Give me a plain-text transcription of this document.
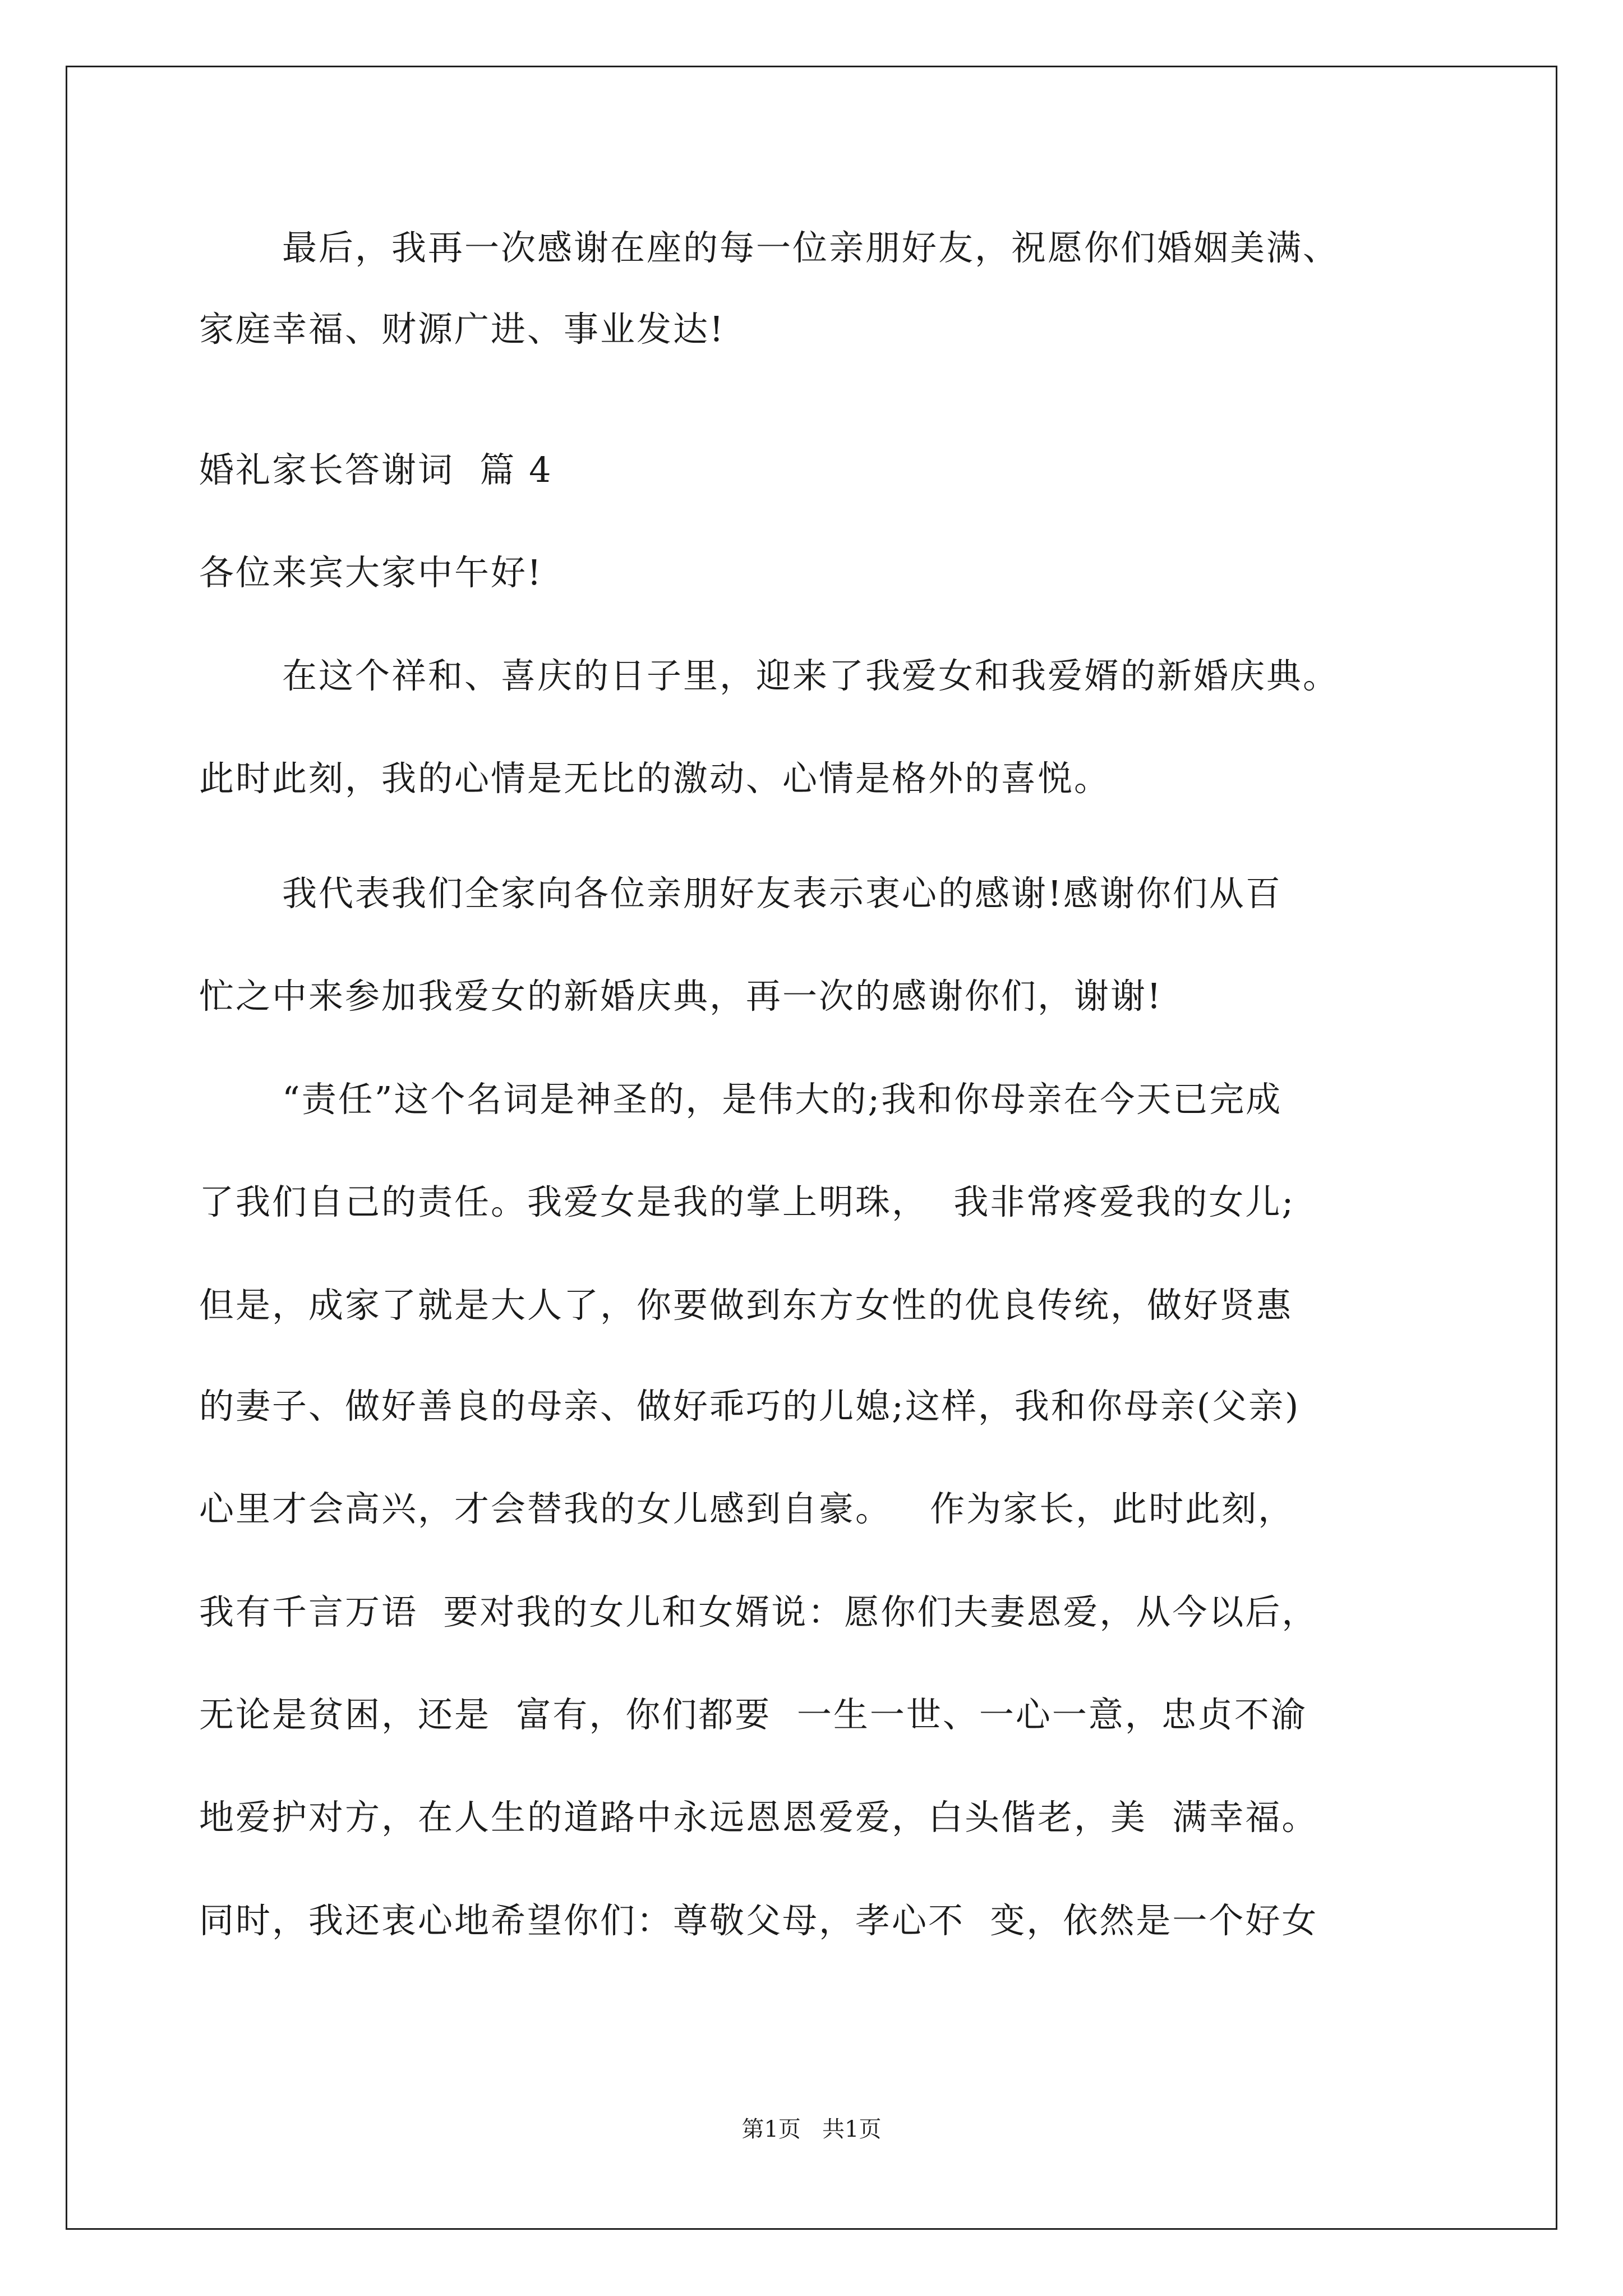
最后，我再一次感谢在座的每一位亲朋好友，祝愿你们婚姻美满、
家庭幸福、财源广进、事业发达!
婚礼家长答谢词  篇 4
各位来宾大家中午好!
在这个祥和、喜庆的日子里，迎来了我爱女和我爱婿的新婚庆典。
此时此刻，我的心情是无比的激动、心情是格外的喜悦。
我代表我们全家向各位亲朋好友表示衷心的感谢!感谢你们从百
忙之中来参加我爱女的新婚庆典，再一次的感谢你们，谢谢!
“责任”这个名词是神圣的，是伟大的;我和你母亲在今天已完成
了我们自己的责任。我爱女是我的掌上明珠，  我非常疼爱我的女儿;
但是，成家了就是大人了，你要做到东方女性的优良传统，做好贤惠
的妻子、做好善良的母亲、做好乖巧的儿媳;这样，我和你母亲(父亲)
心里才会高兴，才会替我的女儿感到自豪。   作为家长，此时此刻，
我有千言万语  要对我的女儿和女婿说：愿你们夫妻恩爱，从今以后，
无论是贫困，还是  富有，你们都要  一生一世、一心一意，忠贞不渝
地爱护对方，在人生的道路中永远恩恩爱爱，白头偕老，美  满幸福。
同时，我还衷心地希望你们：尊敬父母，孝心不  变，依然是一个好女
第1页   共1页
